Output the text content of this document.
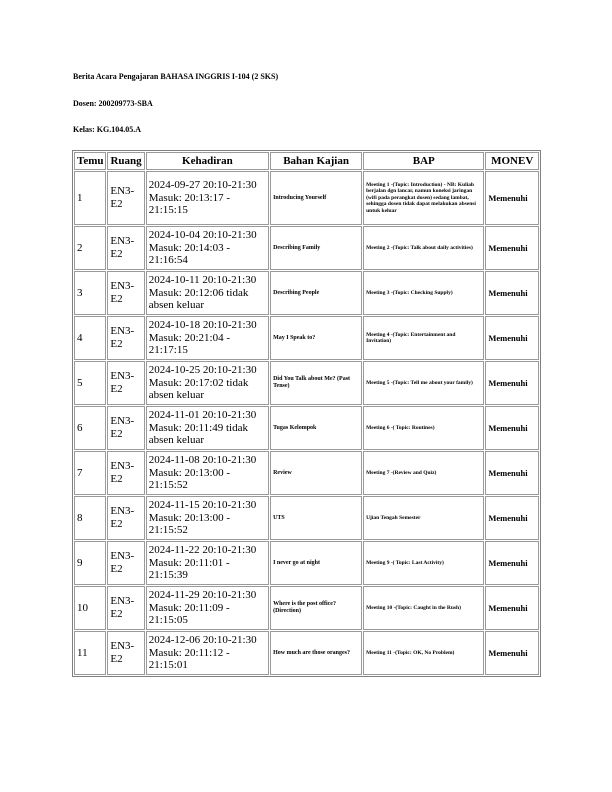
Berita Acara Pengajaran BAHASA INGGRIS I-104 (2 SKS)
Dosen: 200209773-SBA
Kelas: KG.104.05.A
Temu	Ruang	Kehadiran	Bahan Kajian	BAP	MONEV
1	EN3-E2	2024-09-27 20:10-21:30 Masuk: 20:13:17 - 21:15:15	Introducing Yourself	Meeting 1 -(Topic: Introduction) - NB: Kuliah berjalan dgn lancar, namun koneksi jaringan (wifi pada perangkat dosen) sedang lambat, sehingga dosen tidak dapat melakukan absensi untuk keluar	Memenuhi
2	EN3-E2	2024-10-04 20:10-21:30 Masuk: 20:14:03 - 21:16:54	Describing Family	Meeting 2 -(Topic: Talk about daily activities)	Memenuhi
3	EN3-E2	2024-10-11 20:10-21:30 Masuk: 20:12:06 tidak absen keluar	Describing People	Meeting 3 -(Topic: Checking Supply)	Memenuhi
4	EN3-E2	2024-10-18 20:10-21:30 Masuk: 20:21:04 - 21:17:15	May I Speak to?	Meeting 4 -(Topic: Entertainment and Invitation)	Memenuhi
5	EN3-E2	2024-10-25 20:10-21:30 Masuk: 20:17:02 tidak absen keluar	Did You Talk about Me? (Past Tense)	Meeting 5 -(Topic: Tell me about your family)	Memenuhi
6	EN3-E2	2024-11-01 20:10-21:30 Masuk: 20:11:49 tidak absen keluar	Tugas Kelompok	Meeting 6 -( Topic: Routines)	Memenuhi
7	EN3-E2	2024-11-08 20:10-21:30 Masuk: 20:13:00 - 21:15:52	Review	Meeting 7 -(Review and Quiz)	Memenuhi
8	EN3-E2	2024-11-15 20:10-21:30 Masuk: 20:13:00 - 21:15:52	UTS	Ujian Tengah Semester	Memenuhi
9	EN3-E2	2024-11-22 20:10-21:30 Masuk: 20:11:01 - 21:15:39	I never go at night	Meeting 9 -( Topic: Last Activity)	Memenuhi
10	EN3-E2	2024-11-29 20:10-21:30 Masuk: 20:11:09 - 21:15:05	Where is the post office? (Direction)	Meeting 10 -(Topic: Caught in the Rush)	Memenuhi
11	EN3-E2	2024-12-06 20:10-21:30 Masuk: 20:11:12 - 21:15:01	How much are those oranges?	Meeting 11 -(Topic: OK, No Problem)	Memenuhi
